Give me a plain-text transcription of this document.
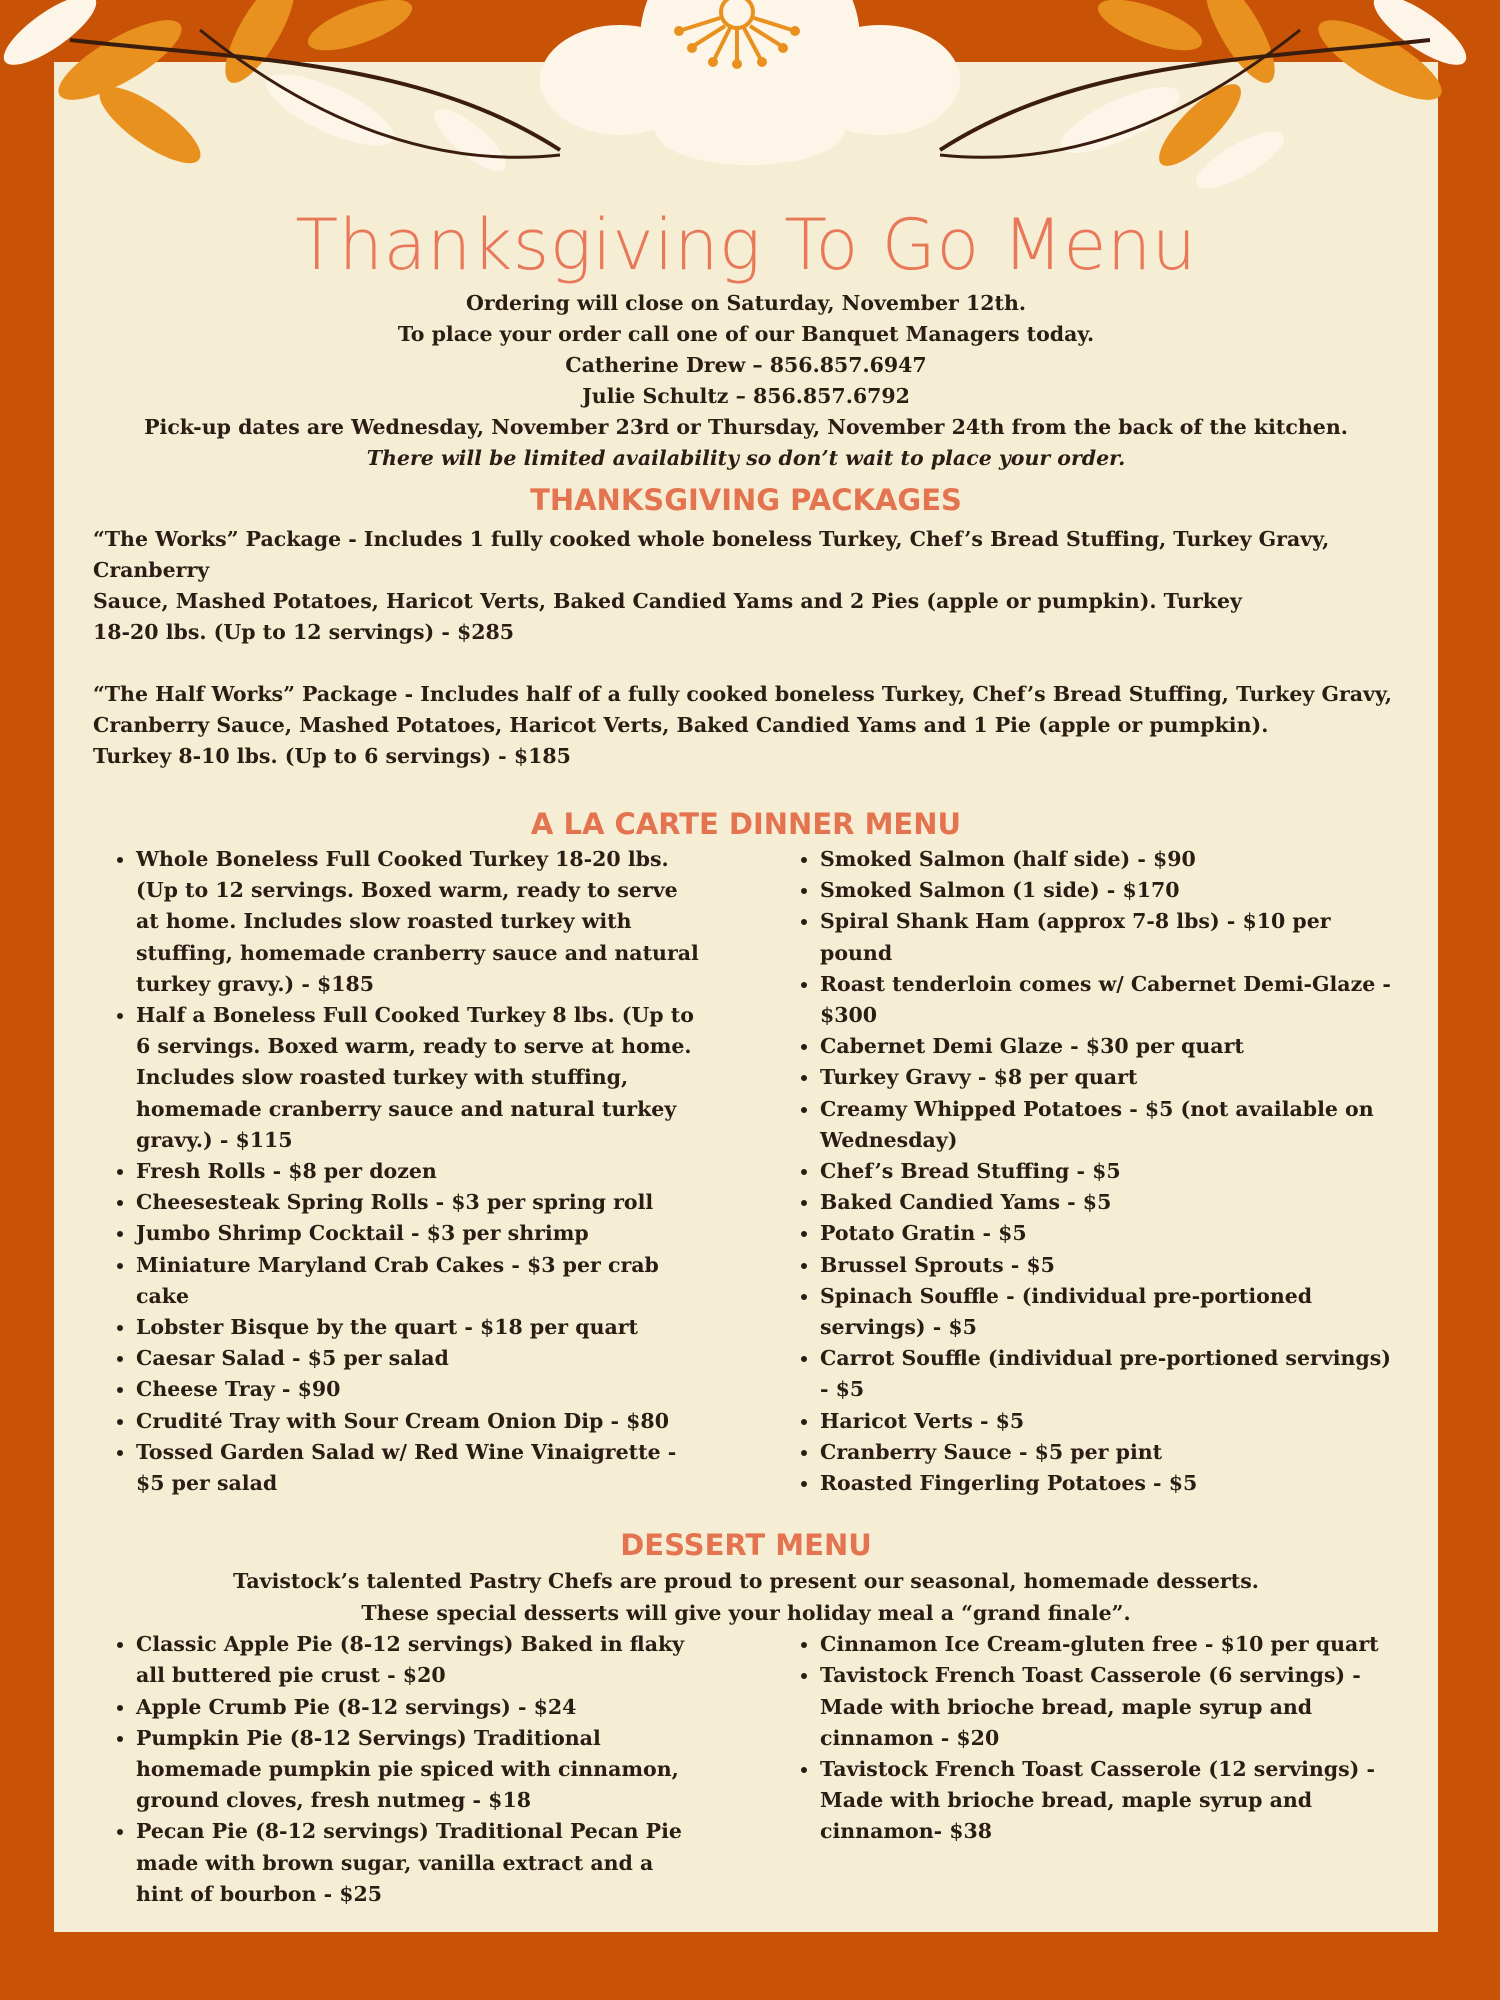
Thanksgiving To Go Menu

Ordering will close on Saturday, November 12th.

To place your order call one of our Banquet Managers today.

Catherine Drew – 856.857.6947

Julie Schultz – 856.857.6792

Pick-up dates are Wednesday, November 23rd or Thursday, November 24th from the back of the kitchen.

There will be limited availability so don’t wait to place your order.

THANKSGIVING PACKAGES

“The Works” Package - Includes 1 fully cooked whole boneless Turkey, Chef’s Bread Stuffing, Turkey Gravy, Cranberry
Sauce, Mashed Potatoes, Haricot Verts, Baked Candied Yams and 2 Pies (apple or pumpkin). Turkey
18-20 lbs. (Up to 12 servings) - $285

“The Half Works” Package - Includes half of a fully cooked boneless Turkey, Chef’s Bread Stuffing, Turkey Gravy,
Cranberry Sauce, Mashed Potatoes, Haricot Verts, Baked Candied Yams and 1 Pie (apple or pumpkin).
Turkey 8-10 lbs. (Up to 6 servings) - $185

A LA CARTE DINNER MENU
• Whole Boneless Full Cooked Turkey 18-20 lbs. (Up to 12 servings. Boxed warm, ready to serve at home. Includes slow roasted turkey with stuffing, homemade cranberry sauce and natural turkey gravy.) - $185
• Half a Boneless Full Cooked Turkey 8 lbs. (Up to 6 servings. Boxed warm, ready to serve at home. Includes slow roasted turkey with stuffing, homemade cranberry sauce and natural turkey gravy.) - $115
• Fresh Rolls - $8 per dozen
• Cheesesteak Spring Rolls - $3 per spring roll
• Jumbo Shrimp Cocktail - $3 per shrimp
• Miniature Maryland Crab Cakes - $3 per crab cake
• Lobster Bisque by the quart - $18 per quart
• Caesar Salad - $5 per salad
• Cheese Tray - $90
• Crudité Tray with Sour Cream Onion Dip - $80
• Tossed Garden Salad w/ Red Wine Vinaigrette - $5 per salad
• Smoked Salmon (half side) - $90
• Smoked Salmon (1 side) - $170
• Spiral Shank Ham (approx 7-8 lbs) - $10 per pound
• Roast tenderloin comes w/ Cabernet Demi-Glaze - $300
• Cabernet Demi Glaze - $30 per quart
• Turkey Gravy - $8 per quart
• Creamy Whipped Potatoes - $5 (not available on Wednesday)
• Chef’s Bread Stuffing - $5
• Baked Candied Yams - $5
• Potato Gratin - $5
• Brussel Sprouts - $5
• Spinach Souffle - (individual pre-portioned servings) - $5
• Carrot Souffle (individual pre-portioned servings) - $5
• Haricot Verts - $5
• Cranberry Sauce - $5 per pint
• Roasted Fingerling Potatoes - $5
DESSERT MENU

Tavistock’s talented Pastry Chefs are proud to present our seasonal, homemade desserts.

These special desserts will give your holiday meal a “grand finale”.

• Classic Apple Pie (8-12 servings) Baked in flaky all buttered pie crust - $20
• Apple Crumb Pie (8-12 servings) - $24
• Pumpkin Pie (8-12 Servings) Traditional homemade pumpkin pie spiced with cinnamon, ground cloves, fresh nutmeg - $18
• Pecan Pie (8-12 servings) Traditional Pecan Pie made with brown sugar, vanilla extract and a hint of bourbon - $25
• Cinnamon Ice Cream-gluten free - $10 per quart
• Tavistock French Toast Casserole (6 servings) - Made with brioche bread, maple syrup and cinnamon - $20
• Tavistock French Toast Casserole (12 servings) - Made with brioche bread, maple syrup and cinnamon- $38
